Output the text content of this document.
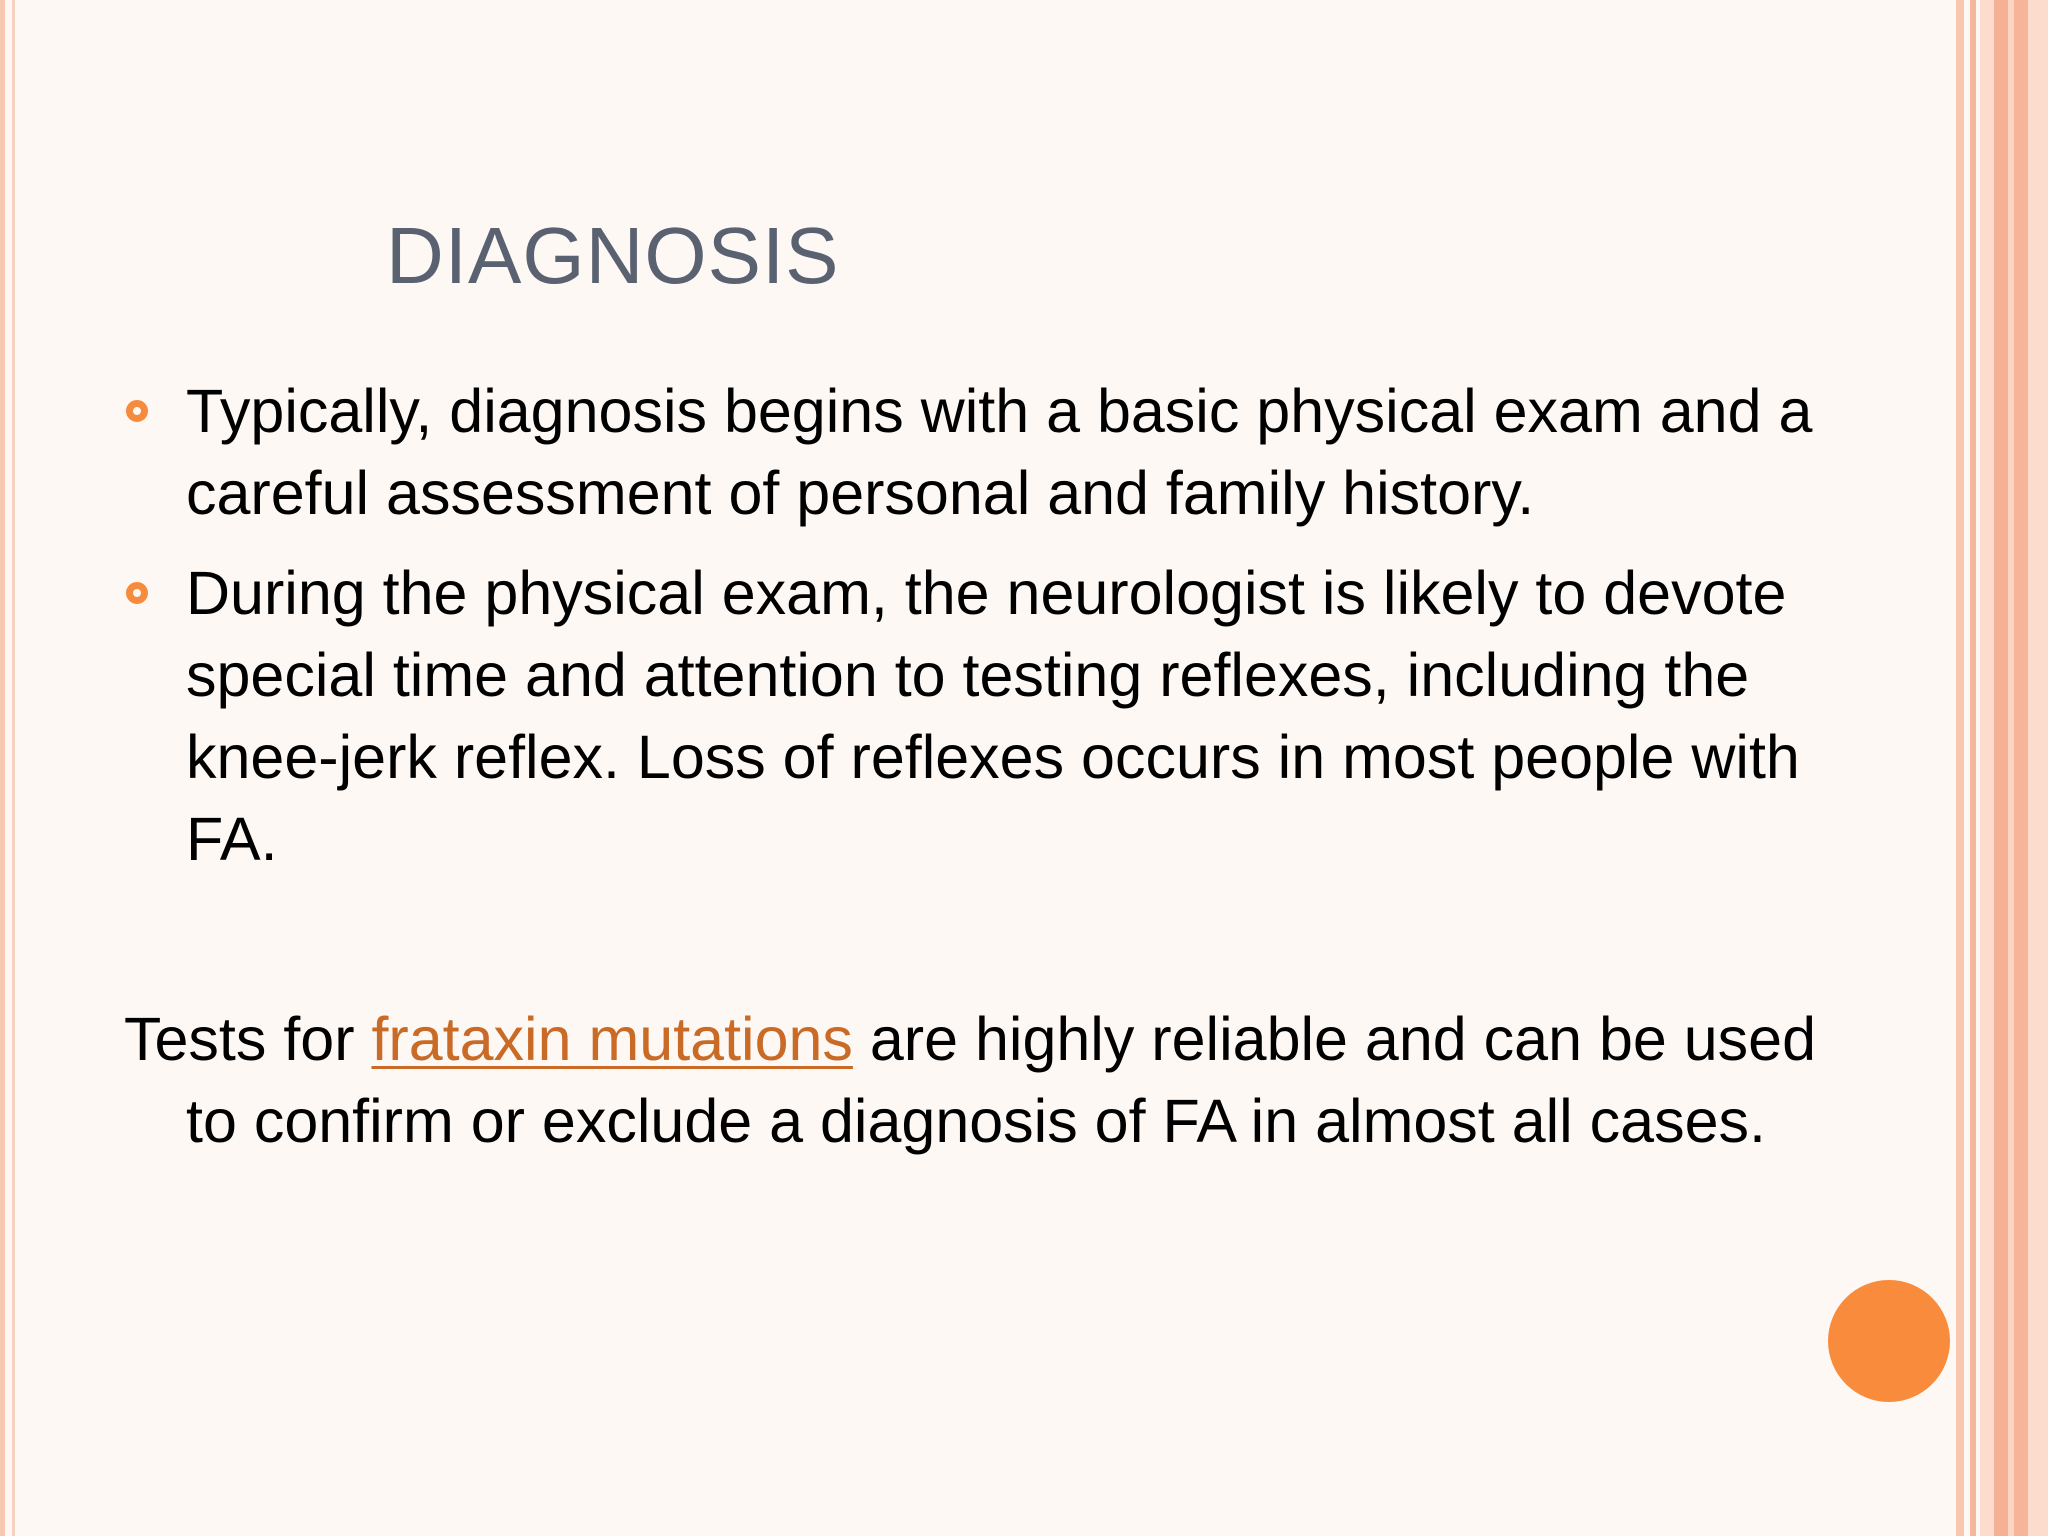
DIAGNOSIS
Typically, diagnosis begins with a basic physical exam and a careful assessment of personal and family history.
During the physical exam, the neurologist is likely to devote special time and attention to testing reflexes, including the knee-jerk reflex. Loss of reflexes occurs in most people with FA.
Tests for frataxin mutations are highly reliable and can be used to confirm or exclude a diagnosis of FA in almost all cases.
